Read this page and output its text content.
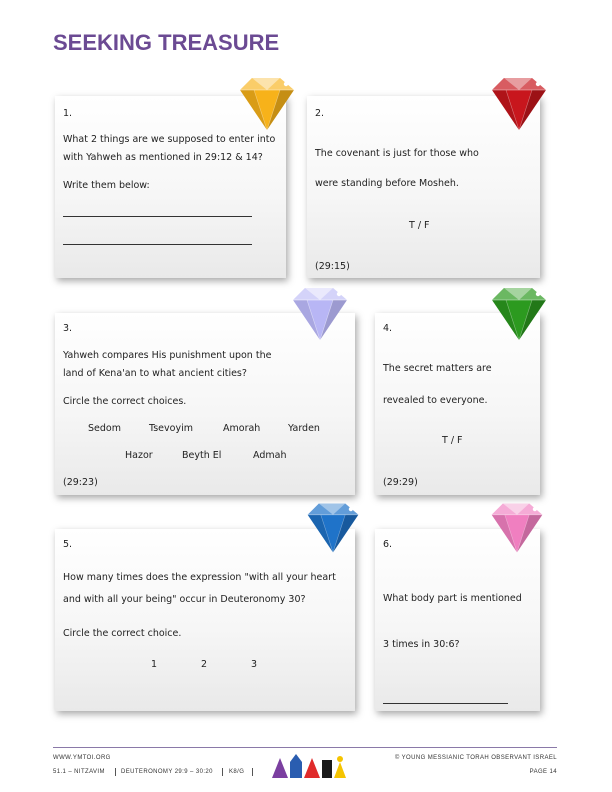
SEEKING TREASURE
1.
What 2 things are we supposed to enter into
with Yahweh as mentioned in 29:12 & 14?
Write them below:
2.
The covenant is just for those who
were standing before Mosheh.
T / F
(29:15)
3.
Yahweh compares His punishment upon the
land of Kena'an to what ancient cities?
Circle the correct choices.
Sedom	Tsevoyim	Amorah	Yarden
Hazor	Beyth El	Admah
(29:23)
4.
The secret matters are
revealed to everyone.
T / F
(29:29)
5.
How many times does the expression "with all your heart
and with all your being" occur in Deuteronomy 30?
Circle the correct choice.
1	2	3
6.
What body part is mentioned
3 times in 30:6?
WWW.YMTOI.ORG
51.1 – NITZAVIM	DEUTERONOMY 29:9 – 30:20	K8/G
© YOUNG MESSIANIC TORAH OBSERVANT ISRAEL
PAGE 14
